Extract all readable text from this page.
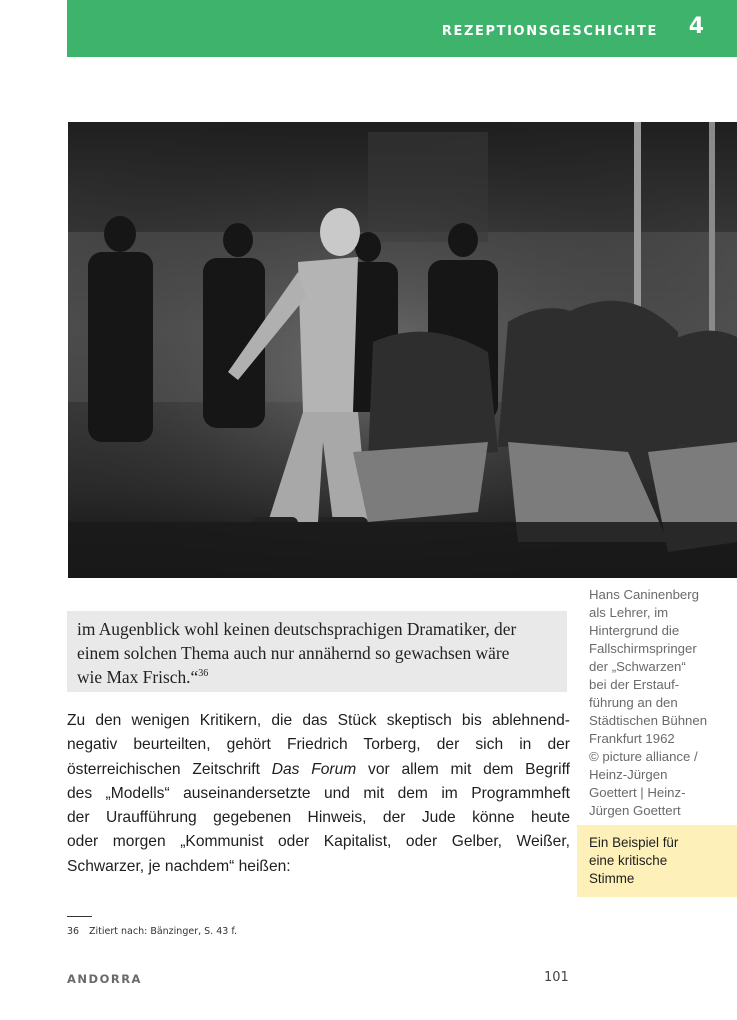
REZEPTIONSGESCHICHTE 4
Hans Caninenberg
als Lehrer, im
Hintergrund die
Fallschirmspringer
der „Schwarzen“
bei der Erstauf-
führung an den
Städtischen Bühnen
Frankfurt 1962
© picture alliance /
Heinz-Jürgen
Goettert | Heinz-
Jürgen Goettert
im Augenblick wohl keinen deutschsprachigen Dramatiker, der
einem solchen Thema auch nur annähernd so gewachsen wäre
wie Max Frisch.“$^{36}$
Zu den wenigen Kritikern, die das Stück skeptisch bis ablehnend-
negativ beurteilten, gehört Friedrich Torberg, der sich in der
österreichischen Zeitschrift Das Forum vor allem mit dem Begriff
des „Modells“ auseinandersetzte und mit dem im Programmheft
der Uraufführung gegebenen Hinweis, der Jude könne heute
oder morgen „Kommunist oder Kapitalist, oder Gelber, Weißer,
Schwarzer, je nachdem“ heißen:
Ein Beispiel für
eine kritische
Stimme
36 Zitiert nach: Bänzinger, S. 43 f.
ANDORRA	101
